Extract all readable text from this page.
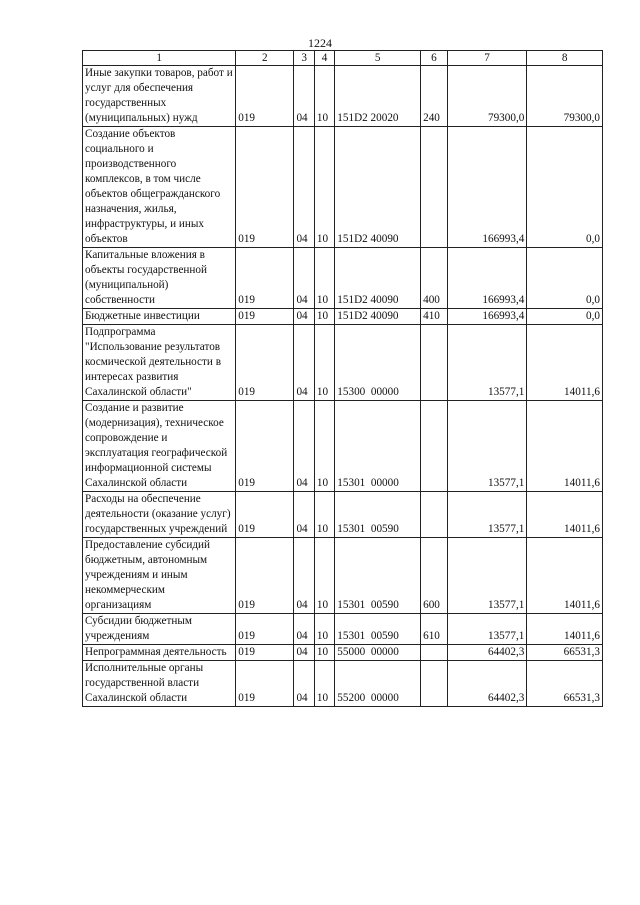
1224
1	2	3	4	5	6	7	8
Иные закупки товаров, работ и услуг для обеспечения государственных (муниципальных) нужд	019	04	10	151D2 20020	240	79300,0	79300,0
Создание объектов социального и производственного комплексов, в том числе объектов общегражданского назначения, жилья, инфраструктуры, и иных объектов	019	04	10	151D2 40090		166993,4	0,0
Капитальные вложения в объекты государственной (муниципальной) собственности	019	04	10	151D2 40090	400	166993,4	0,0
Бюджетные инвестиции	019	04	10	151D2 40090	410	166993,4	0,0
Подпрограмма "Использование результатов космической деятельности в интересах развития Сахалинской области"	019	04	10	15300  00000		13577,1	14011,6
Создание и развитие (модернизация), техническое сопровождение и эксплуатация географической информационной системы Сахалинской области	019	04	10	15301  00000		13577,1	14011,6
Расходы на обеспечение деятельности (оказание услуг) государственных учреждений	019	04	10	15301  00590		13577,1	14011,6
Предоставление субсидий бюджетным, автономным учреждениям и иным некоммерческим организациям	019	04	10	15301  00590	600	13577,1	14011,6
Субсидии бюджетным учреждениям	019	04	10	15301  00590	610	13577,1	14011,6
Непрограммная деятельность	019	04	10	55000  00000		64402,3	66531,3
Исполнительные органы государственной власти Сахалинской области	019	04	10	55200  00000		64402,3	66531,3
